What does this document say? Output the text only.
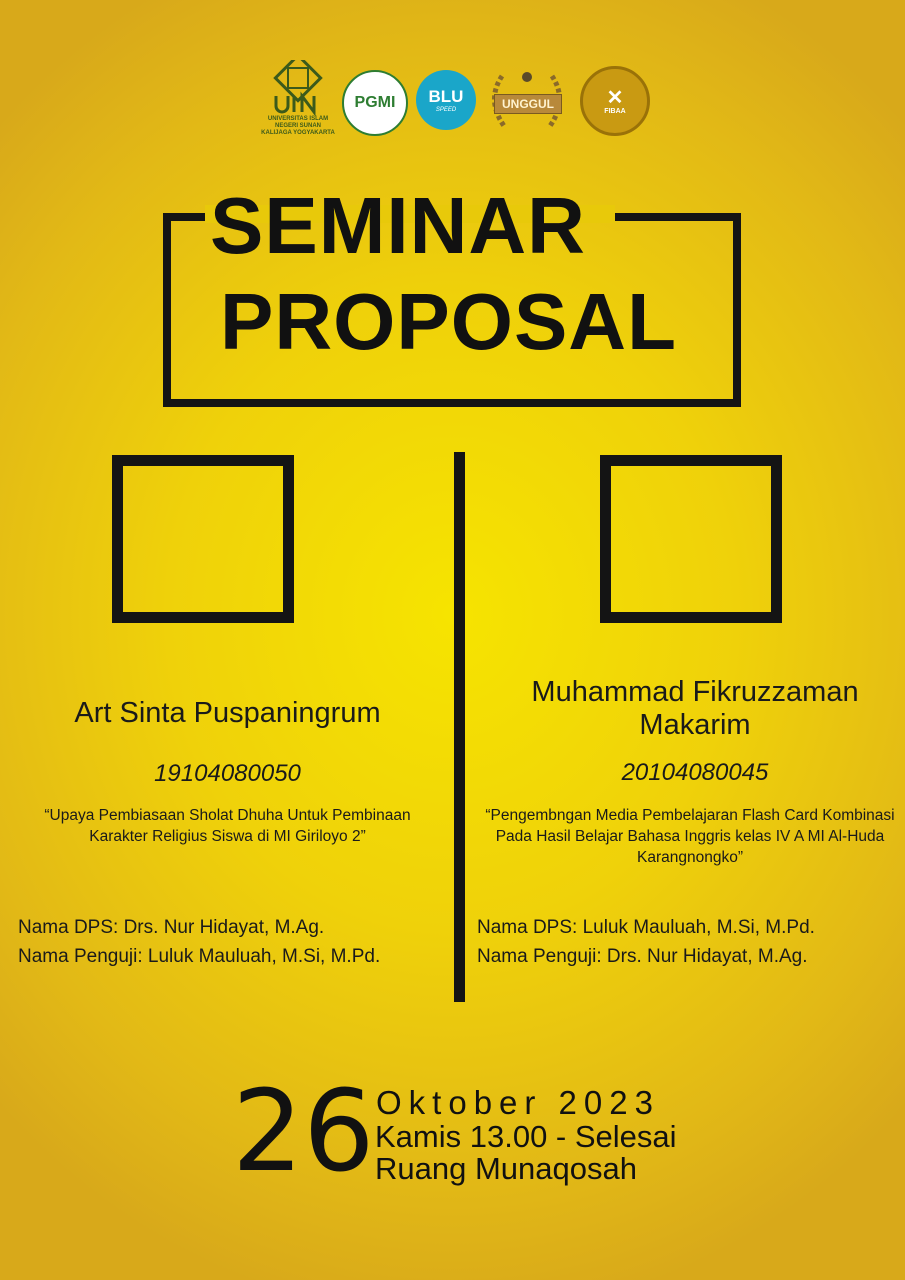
UNIVERSITAS ISLAM NEGERI SUNAN KALIJAGA YOGYAKARTA
PGMI BLU
SPEED	UNGGUL	✕
FIBAA
SEMINAR
PROPOSAL
Art Sinta Puspaningrum
19104080050
“Upaya Pembiasaan Sholat Dhuha Untuk Pembinaan Karakter Religius Siswa di MI Giriloyo 2”
Nama DPS: Drs. Nur Hidayat, M.Ag.
Nama Penguji: Luluk Mauluah, M.Si, M.Pd.
Muhammad Fikruzzaman Makarim
20104080045
“Pengembngan Media Pembelajaran Flash Card Kombinasi Pada Hasil Belajar Bahasa Inggris kelas IV A MI Al-Huda Karangnongko”
Nama DPS: Luluk Mauluah, M.Si, M.Pd.
Nama Penguji: Drs. Nur Hidayat, M.Ag.
26 Oktober 2023
Kamis 13.00 - Selesai
Ruang Munaqosah
